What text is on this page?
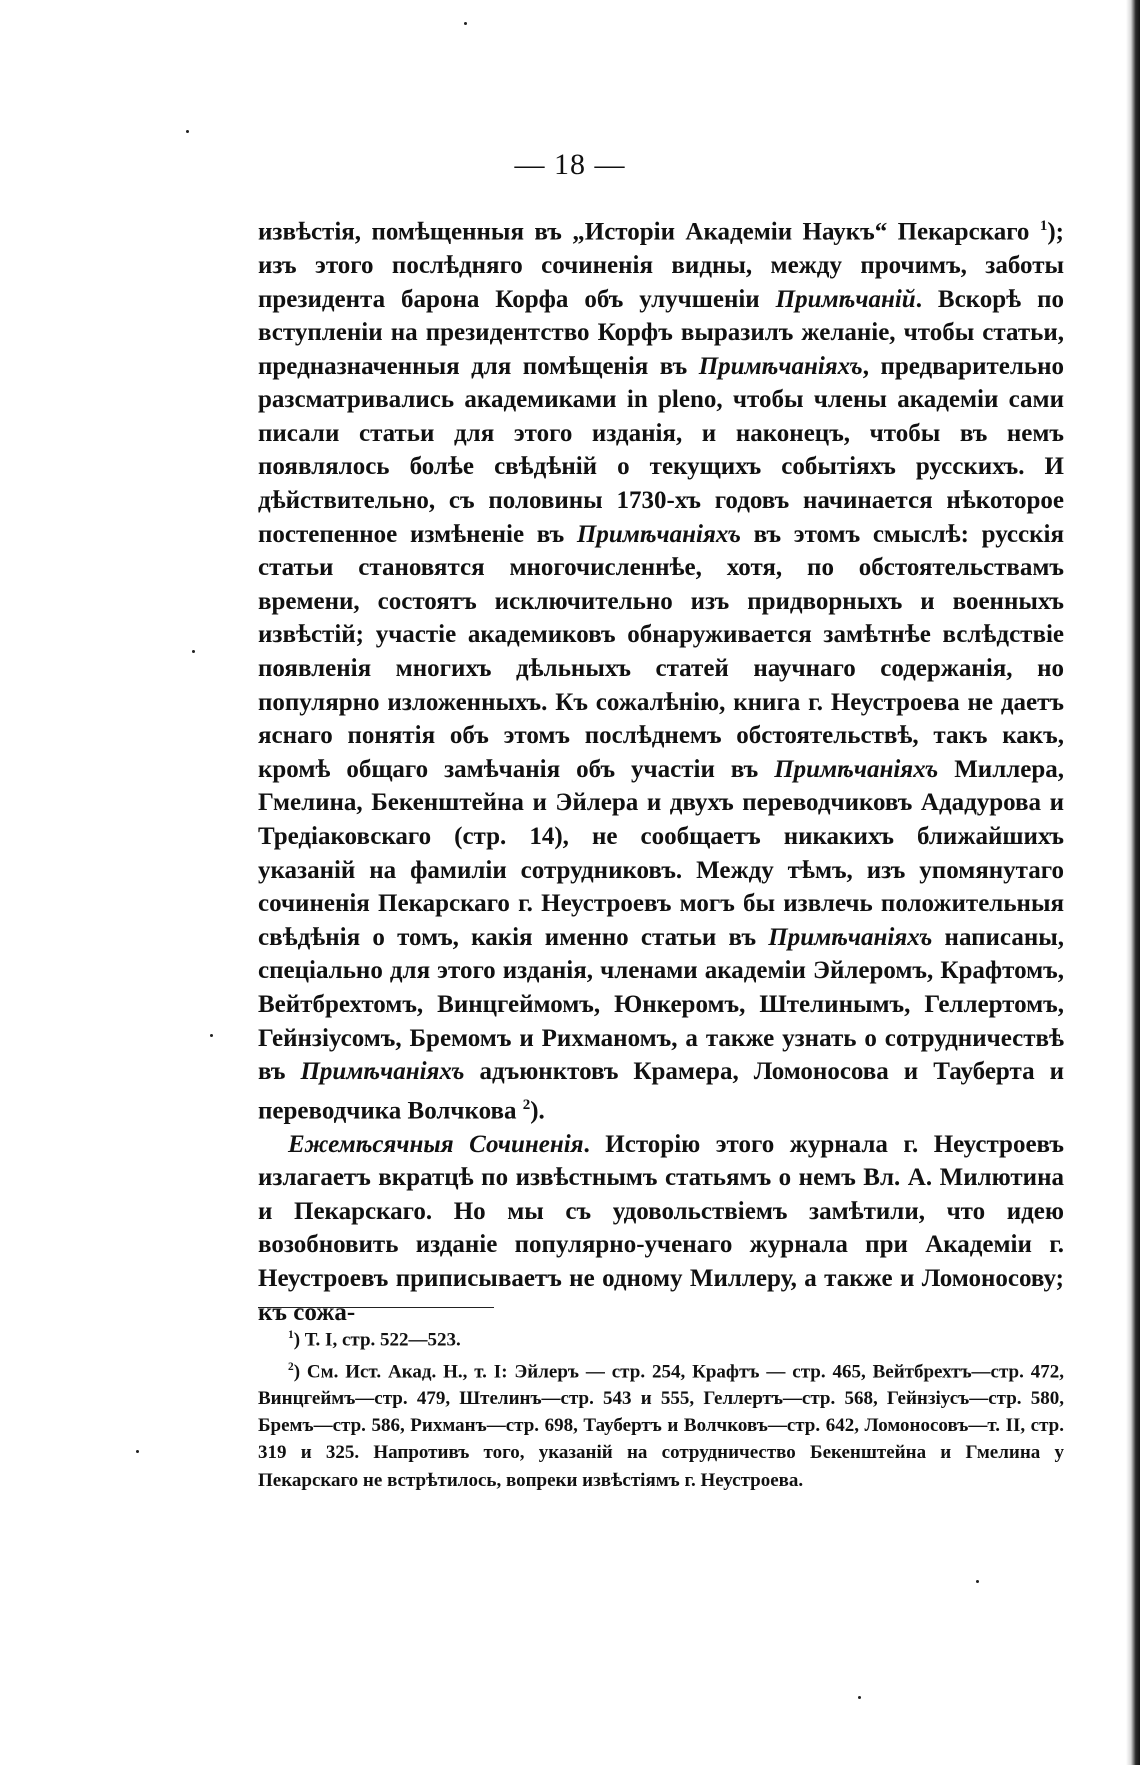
— 18 —

извѣстія, помѣщенныя въ „Исторіи Академіи Наукъ“ Пекарскаго $^1$); изъ этого послѣдняго сочиненія видны, между прочимъ, заботы президента барона Корфа объ улучшеніи Примѣчаній. Вскорѣ по вступленіи на президентство Корфъ выразилъ желаніе, чтобы статьи, предназначенныя для помѣщенія въ Примѣчаніяхъ, предварительно разсматривались академиками in pleno, чтобы члены академіи сами писали статьи для этого изданія, и наконецъ, чтобы въ немъ появлялось болѣе свѣдѣній о текущихъ событіяхъ русскихъ. И дѣйствительно, съ половины 1730-хъ годовъ начинается нѣкоторое постепенное измѣненіе въ Примѣчаніяхъ въ этомъ смыслѣ: русскія статьи становятся многочисленнѣе, хотя, по обстоятельствамъ времени, состоятъ исключительно изъ придворныхъ и военныхъ извѣстій; участіе академиковъ обнаруживается замѣтнѣе вслѣдствіе появленія многихъ дѣльныхъ статей научнаго содержанія, но популярно изложенныхъ. Къ сожалѣнію, книга г. Неустроева не даетъ яснаго понятія объ этомъ послѣднемъ обстоятельствѣ, такъ какъ, кромѣ общаго замѣчанія объ участіи въ Примѣчаніяхъ Миллера, Гмелина, Бекенштейна и Эйлера и двухъ переводчиковъ Ададурова и Тредіаковскаго (стр. 14), не сообщаетъ никакихъ ближайшихъ указаній на фамиліи сотрудниковъ. Между тѣмъ, изъ упомянутаго сочиненія Пекарскаго г. Неустроевъ могъ бы извлечь положительныя свѣдѣнія о томъ, какія именно статьи въ Примѣчаніяхъ написаны, спеціально для этого изданія, членами академіи Эйлеромъ, Крафтомъ, Вейтбрехтомъ, Винцгеймомъ, Юнкеромъ, Штелинымъ, Геллертомъ, Гейнзіусомъ, Бремомъ и Рихманомъ, а также узнать о сотрудничествѣ въ Примѣчаніяхъ адъюнктовъ Крамера, Ломоносова и Тауберта и переводчика Волчкова $^2$).

Ежемѣсячныя Сочиненія. Исторію этого журнала г. Неустроевъ излагаетъ вкратцѣ по извѣстнымъ статьямъ о немъ Вл. А. Милютина и Пекарскаго. Но мы съ удовольствіемъ замѣтили, что идею возобновить изданіе популярно-ученаго журнала при Академіи г. Неустроевъ приписываетъ не одному Миллеру, а также и Ломоносову; къ сожа-

$^1$) Т. I, стр. 522—523.

$^2$) См. Ист. Акад. Н., т. I: Эйлеръ — стр. 254, Крафтъ — стр. 465, Вейтбрехтъ—стр. 472, Винцгеймъ—стр. 479, Штелинъ—стр. 543 и 555, Геллертъ—стр. 568, Гейнзіусъ—стр. 580, Бремъ—стр. 586, Рихманъ—стр. 698, Таубертъ и Волчковъ—стр. 642, Ломоносовъ—т. II, стр. 319 и 325. Напротивъ того, указаній на сотрудничество Бекенштейна и Гмелина у Пекарскаго не встрѣтилось, вопреки извѣстіямъ г. Неустроева.
